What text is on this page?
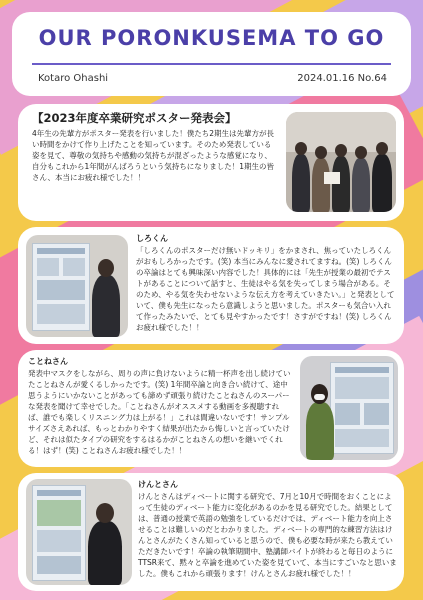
OUR PORONKUSEMA TO GO
Kotaro Ohashi	2024.01.16 No.64
【2023年度卒業研究ポスター発表会】
4年生の先輩方がポスター発表を行いました！僕たち2期生は先輩方が長い時間をかけて作り上げたことを知っています。そのため発表している姿を見て、尊敬の気持ちや感動の気持ちが混ざったような感覚になり、自分もこれから1年間がんばろうという気持ちになりました！1期生の皆さん、本当にお疲れ様でした！！
しろくん
「しろくんのポスターだけ無いドッキリ」をかまされ、焦っていたしろくんがおもしろかったです。(笑) 本当にみんなに愛されてますね。(笑) しろくんの卒論はとても興味深い内容でした！具体的には「先生が授業の最初でテストがあることについて話すと、生徒はやる気を失ってしまう場合がある。そのため、やる気を失わせないような伝え方を考えていきたい。」と発表としていて、僕も先生になったら意識しようと思いました。ポスターも気合い入れて作ったみたいで、とても見やすかったです！さすがですね！(笑) しろくんお疲れ様でした！！
ことねさん
発表中マスクをしながら、周りの声に負けないように精一杯声を出し続けていたことねさんが愛くるしかったです。(笑) 1年間卒論と向き合い続けて、途中思うようにいかないことがあっても諦めず頑張り続けたことねさんのスーパーな発表を聞けて幸せでした。「ことねさんがオススメする動画を多視聴すれば、誰でも楽しくリスニング力は上がる！」これは間違いないです！サンプルサイズさえあれば、もっとわかりやすく結果が出たから悔しいと言っていたけど、それは似たタイプの研究をするはるかがことねさんの想いを継いでくれる！はず！(笑) ことねさんお疲れ様でした！！
けんとさん
けんとさんはディベートに関する研究で、7月と10月で時間をおくことによって生徒のディベート能力に変化があるのかを見る研究でした。結果としては、普通の授業で英語の勉強をしているだけでは、ディベート能力を向上させることは難しいのだとわかりました。ディベートの専門的な練習方法はけんとさんがたくさん知っていると思うので、僕も必要な時が来たら教えていただきたいです！卒論の執筆期間中、塾講師バイトが終わると毎日のようにTTSR来て、黙々と卒論を進めていた姿を見ていて、本当にすごいなと思いました。僕もこれから頑張ります！けんとさんお疲れ様でした！！
